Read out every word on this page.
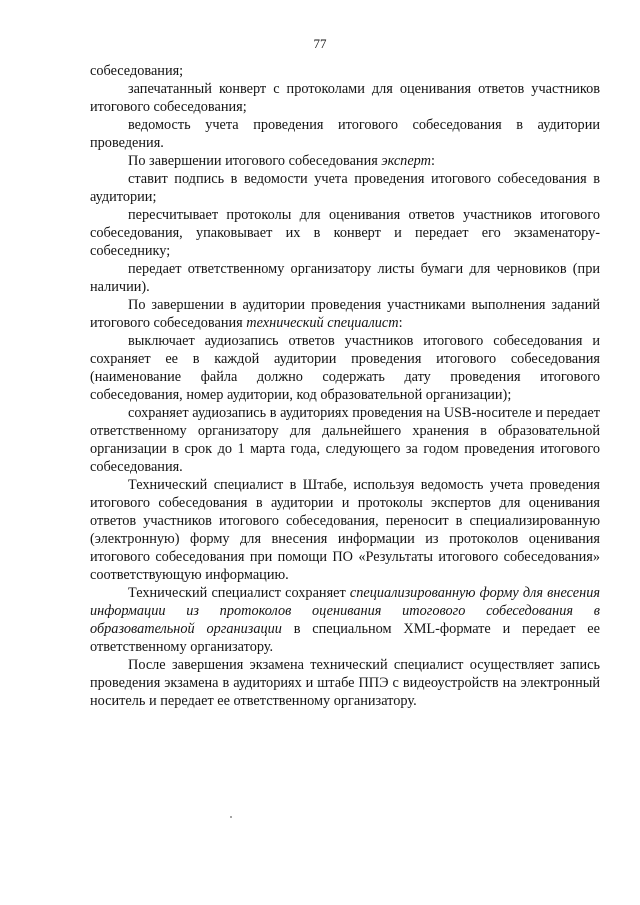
77

собеседования;

запечатанный конверт с протоколами для оценивания ответов участников итогового собеседования;

ведомость учета проведения итогового собеседования в аудитории проведения.

По завершении итогового собеседования эксперт:

ставит подпись в ведомости учета проведения итогового собеседования в аудитории;

пересчитывает протоколы для оценивания ответов участников итогового собеседования, упаковывает их в конверт и передает его экзаменатору-собеседнику;

передает ответственному организатору листы бумаги для черновиков (при наличии).

По завершении в аудитории проведения участниками выполнения заданий итогового собеседования технический специалист:

выключает аудиозапись ответов участников итогового собеседования и сохраняет ее в каждой аудитории проведения итогового собеседования (наименование файла должно содержать дату проведения итогового собеседования, номер аудитории, код образовательной организации);

сохраняет аудиозапись в аудиториях проведения на USB-носителе и передает ответственному организатору для дальнейшего хранения в образовательной организации в срок до 1 марта года, следующего за годом проведения итогового собеседования.

Технический специалист в Штабе, используя ведомость учета проведения итогового собеседования в аудитории и протоколы экспертов для оценивания ответов участников итогового собеседования, переносит в специализированную (электронную) форму для внесения информации из протоколов оценивания итогового собеседования при помощи ПО «Результаты итогового собеседования» соответствующую информацию.

Технический специалист сохраняет специализированную форму для внесения информации из протоколов оценивания итогового собеседования в образовательной организации в специальном XML-формате и передает ее ответственному организатору.

После завершения экзамена технический специалист осуществляет запись проведения экзамена в аудиториях и штабе ППЭ с видеоустройств на электронный носитель и передает ее ответственному организатору.
